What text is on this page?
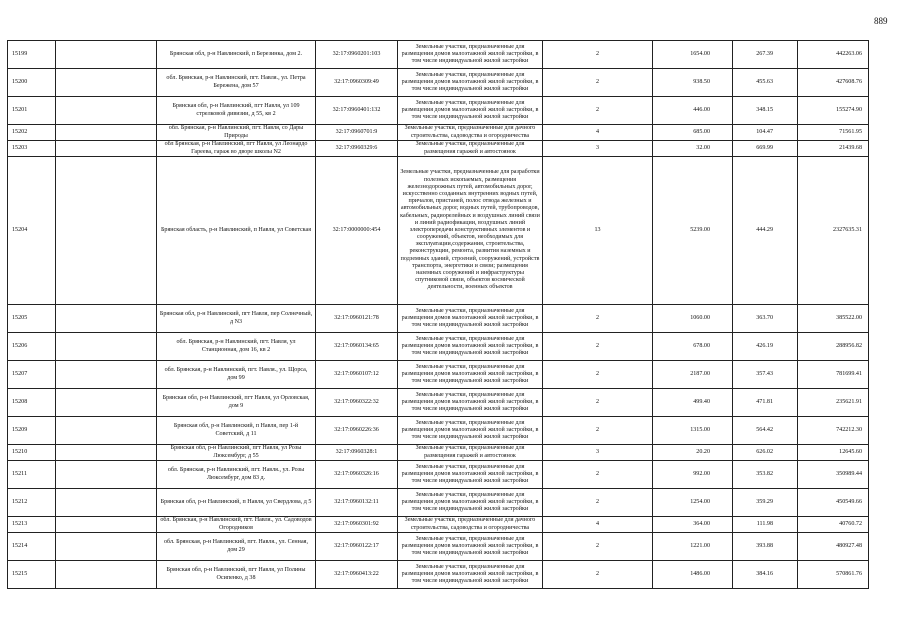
889
15199		Брянская обл, р-н Навлинский, п Березинка, дом 2.	32:17:0960201:103	Земельные участки, предназначенные для размещения домов малоэтажной жилой застройки, в том числе индивидуальной жилой застройки	2	1654.00	267.39	442263.06
15200		обл. Брянская, р-н Навлинский, пгт. Навля., ул. Петра Бережена, дом 57	32:17:0960309:49	Земельные участки, предназначенные для размещения домов малоэтажной жилой застройки, в том числе индивидуальной жилой застройки	2	938.50	455.63	427608.76
15201		Брянская обл, р-н Навлинский, пгт Навля, ул 109 стрелковой дивизии, д 55, кв 2	32:17:0960401:132	Земельные участки, предназначенные для размещения домов малоэтажной жилой застройки, в том числе индивидуальной жилой застройки	2	446.00	348.15	155274.90
15202		обл. Брянская, р-н Навлинский, пгт. Навля, со Дары Природы	32:17:0960701:9	Земельные участки, предназначенные для дачного строительства, садоводства и огородничества	4	685.00	104.47	71561.95
15203		обл Брянская, р-н Навлинский, пгт Навля, ул Леонардо Гареева, гараж во дворе школы N2	32:17:0960329:6	Земельные участки, предназначенные для размещения гаражей и автостоянок	3	32.00	669.99	21439.68
15204		Брянская область, р-н Навлинский, п Навля, ул Советская	32:17:0000000:454	Земельные участки, предназначенные для разработки полезных ископаемых, размещения железнодорожных путей, автомобильных дорог, искусственно созданных внутренних водных путей, причалов, пристаней, полос отвода железных и автомобильных дорог, водных путей, трубопроводов, кабельных, радиорелейных и воздушных линий связи и линий радиофикации, воздушных линий электропередачи конструктивных элементов и сооружений, объектов, необходимых для эксплуатации,содержания, строительства, реконструкции, ремонта, развития наземных и подземных зданий, строений, сооружений, устройств транспорта, энергетики и связи; размещения наземных сооружений и инфраструктуры спутниковой связи, объектов космической деятельности, военных объектов	13	5239.00	444.29	2327635.31
15205		Брянская обл, р-н Навлинский, пгт Навля, пер Солнечный, д N3	32:17:0960121:78	Земельные участки, предназначенные для размещения домов малоэтажной жилой застройки, в том числе индивидуальной жилой застройки	2	1060.00	363.70	385522.00
15206		обл. Брянская, р-н Навлинский, пгт. Навля, ул Станционная, дом 16, кв 2	32:17:0960134:65	Земельные участки, предназначенные для размещения домов малоэтажной жилой застройки, в том числе индивидуальной жилой застройки	2	678.00	426.19	288956.82
15207		обл. Брянская, р-н Навлинский, пгт. Навля., ул. Щорса, дом 99	32:17:0960107:12	Земельные участки, предназначенные для размещения домов малоэтажной жилой застройки, в том числе индивидуальной жилой застройки	2	2187.00	357.43	781699.41
15208		Брянская обл, р-н Навлинский, пгт Навля, ул Орловская, дом 9	32:17:0960322:32	Земельные участки, предназначенные для размещения домов малоэтажной жилой застройки, в том числе индивидуальной жилой застройки	2	499.40	471.81	235621.91
15209		Брянская обл, р-н Навлинский, п Навля, пер 1-й Советский, д 11	32:17:0960226:36	Земельные участки, предназначенные для размещения домов малоэтажной жилой застройки, в том числе индивидуальной жилой застройки	2	1315.00	564.42	742212.30
15210		Брянская обл, р-н Навлинский, пгт Навля, ул Розы Люксембург, д 55	32:17:0960328:1	Земельные участки, предназначенные для размещения гаражей и автостоянок	3	20.20	626.02	12645.60
15211		обл. Брянская, р-н Навлинский, пгт. Навля., ул. Розы Люксембург, дом 83 д.	32:17:0960326:16	Земельные участки, предназначенные для размещения домов малоэтажной жилой застройки, в том числе индивидуальной жилой застройки	2	992.00	353.82	350989.44
15212		Брянская обл, р-н Навлинский, п Навля, ул Свердлова, д 5	32:17:0960132:11	Земельные участки, предназначенные для размещения домов малоэтажной жилой застройки, в том числе индивидуальной жилой застройки	2	1254.00	359.29	450549.66
15213		обл. Брянская, р-н Навлинский, пгт. Навля., ул. Садоводов Огородников	32:17:0960301:92	Земельные участки, предназначенные для дачного строительства, садоводства и огородничества	4	364.00	111.98	40760.72
15214		обл. Брянская, р-н Навлинский, пгт. Навля., ул. Сенная, дом 29	32:17:0960122:17	Земельные участки, предназначенные для размещения домов малоэтажной жилой застройки, в том числе индивидуальной жилой застройки	2	1221.00	393.88	480927.48
15215		Брянская обл, р-н Навлинский, пгт Навля, ул Полины Осипенко, д 38	32:17:0960413:22	Земельные участки, предназначенные для размещения домов малоэтажной жилой застройки, в том числе индивидуальной жилой застройки	2	1486.00	384.16	570861.76
